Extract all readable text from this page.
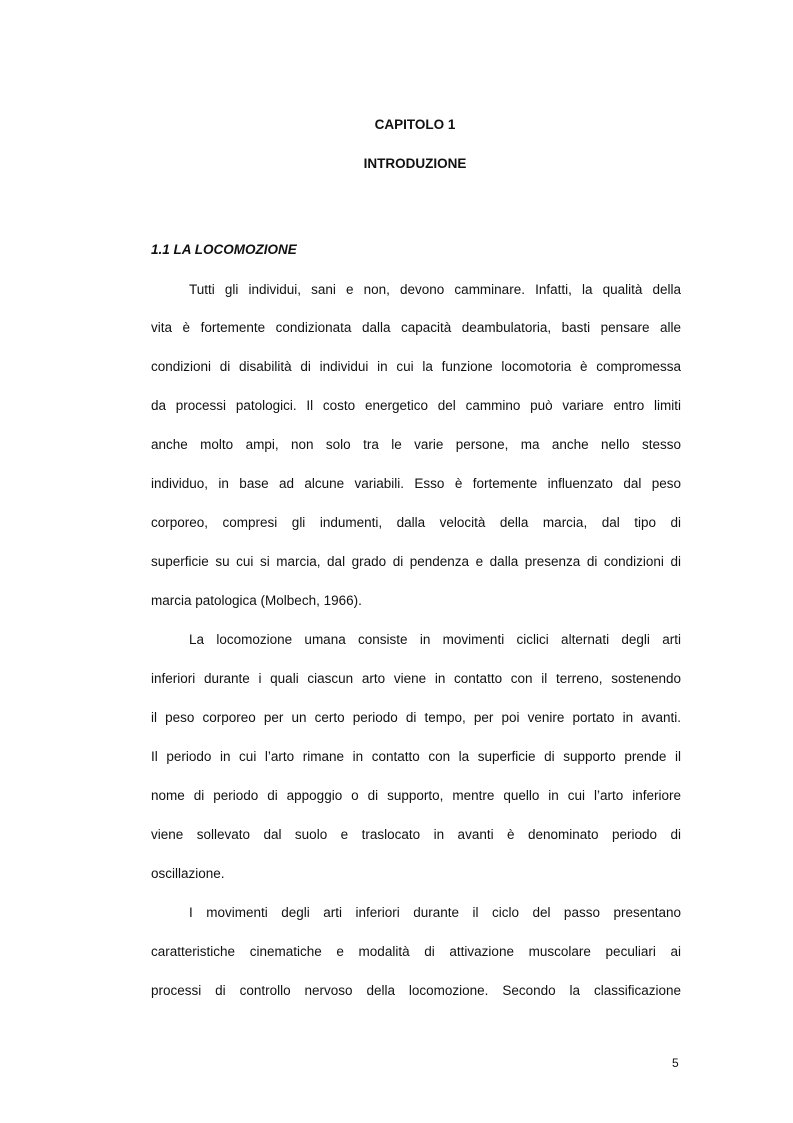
CAPITOLO 1
INTRODUZIONE
1.1 LA LOCOMOZIONE
Tutti gli individui, sani e non, devono camminare. Infatti, la qualità della
vita è fortemente condizionata dalla capacità deambulatoria, basti pensare alle
condizioni di disabilità di individui in cui la funzione locomotoria è compromessa
da processi patologici. Il costo energetico del cammino può variare entro limiti
anche molto ampi, non solo tra le varie persone, ma anche nello stesso
individuo, in base ad alcune variabili. Esso è fortemente influenzato dal peso
corporeo, compresi gli indumenti, dalla velocità della marcia, dal tipo di
superficie su cui si marcia, dal grado di pendenza e dalla presenza di condizioni di
marcia patologica (Molbech, 1966).
La locomozione umana consiste in movimenti ciclici alternati degli arti
inferiori durante i quali ciascun arto viene in contatto con il terreno, sostenendo
il peso corporeo per un certo periodo di tempo, per poi venire portato in avanti.
Il periodo in cui l’arto rimane in contatto con la superficie di supporto prende il
nome di periodo di appoggio o di supporto, mentre quello in cui l’arto inferiore
viene sollevato dal suolo e traslocato in avanti è denominato periodo di
oscillazione.
I movimenti degli arti inferiori durante il ciclo del passo presentano
caratteristiche cinematiche e modalità di attivazione muscolare peculiari ai
processi di controllo nervoso della locomozione. Secondo la classificazione
5
